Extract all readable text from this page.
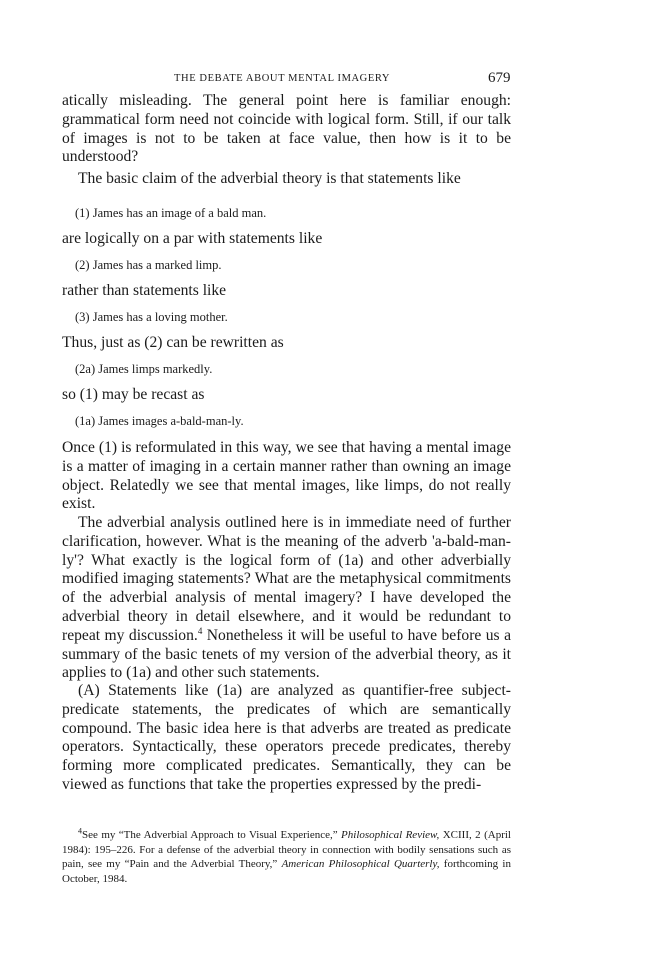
THE DEBATE ABOUT MENTAL IMAGERY	679

atically misleading. The general point here is familiar enough: grammatical form need not coincide with logical form. Still, if our talk of images is not to be taken at face value, then how is it to be understood?

The basic claim of the adverbial theory is that statements like

(1) James has an image of a bald man.
are logically on a par with statements like
(2) James has a marked limp.
rather than statements like
(3) James has a loving mother.
Thus, just as (2) can be rewritten as
(2a) James limps markedly.
so (1) may be recast as
(1a) James images a-bald-man-ly.

Once (1) is reformulated in this way, we see that having a mental image is a matter of imaging in a certain manner rather than owning an image object. Relatedly we see that mental images, like limps, do not really exist.

The adverbial analysis outlined here is in immediate need of further clarification, however. What is the meaning of the adverb 'a-bald-man-ly'? What exactly is the logical form of (1a) and other adverbially modified imaging statements? What are the metaphysical commitments of the adverbial analysis of mental imagery? I have developed the adverbial theory in detail elsewhere, and it would be redundant to repeat my discussion.$^4$ Nonetheless it will be useful to have before us a summary of the basic tenets of my version of the adverbial theory, as it applies to (1a) and other such statements.

(A) Statements like (1a) are analyzed as quantifier-free subject-predicate statements, the predicates of which are semantically compound. The basic idea here is that adverbs are treated as predicate operators. Syntactically, these operators precede predicates, thereby forming more complicated predicates. Semantically, they can be viewed as functions that take the properties expressed by the predi-

$^4$See my “The Adverbial Approach to Visual Experience,” Philosophical Review, XCIII, 2 (April 1984): 195–226. For a defense of the adverbial theory in connection with bodily sensations such as pain, see my “Pain and the Adverbial Theory,” American Philosophical Quarterly, forthcoming in October, 1984.
